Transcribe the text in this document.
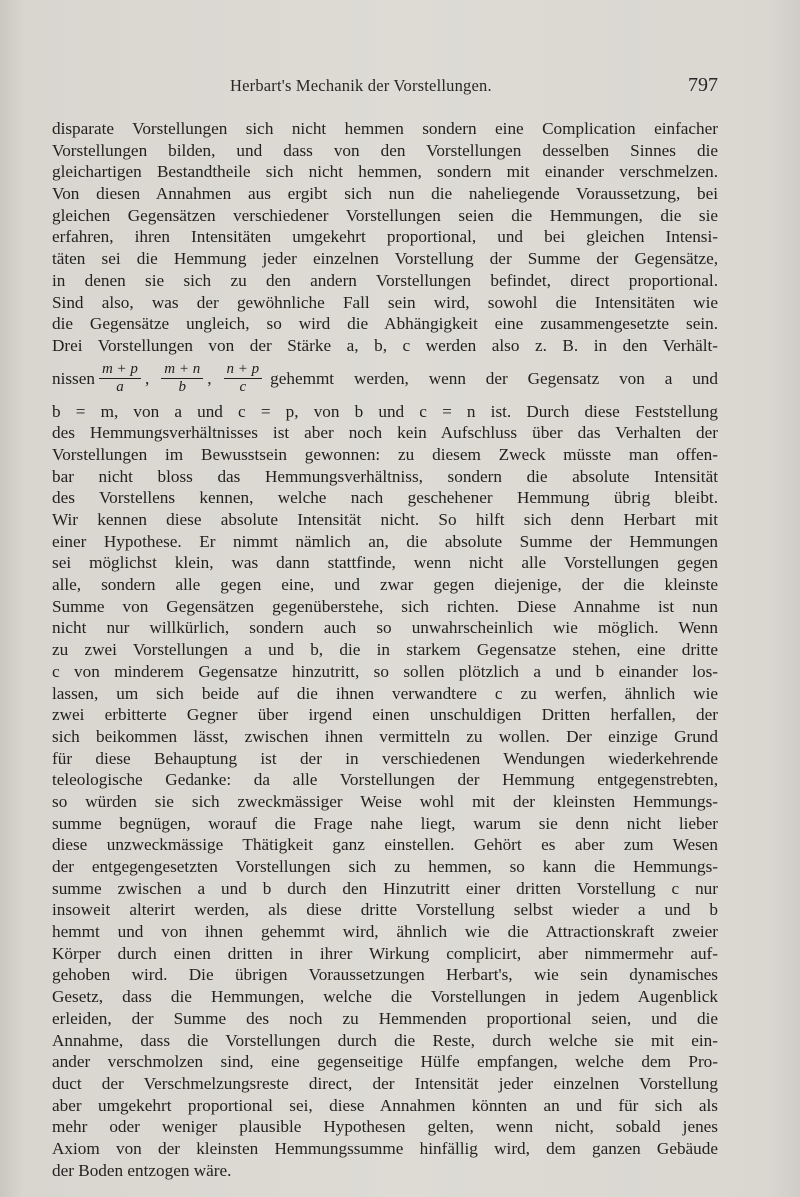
Herbart's Mechanik der Vorstellungen.	797
disparate Vorstellungen sich nicht hemmen sondern eine Complication einfacher
Vorstellungen bilden, und dass von den Vorstellungen desselben Sinnes die
gleichartigen Bestandtheile sich nicht hemmen, sondern mit einander verschmelzen.
Von diesen Annahmen aus ergibt sich nun die naheliegende Voraussetzung, bei
gleichen Gegensätzen verschiedener Vorstellungen seien die Hemmungen, die sie
erfahren, ihren Intensitäten umgekehrt proportional, und bei gleichen Intensi-
täten sei die Hemmung jeder einzelnen Vorstellung der Summe der Gegensätze,
in denen sie sich zu den andern Vorstellungen befindet, direct proportional.
Sind also, was der gewöhnliche Fall sein wird, sowohl die Intensitäten wie
die Gegensätze ungleich, so wird die Abhängigkeit eine zusammengesetzte sein.
Drei Vorstellungen von der Stärke a, b, c werden also z. B. in den Verhält-
nissen $\frac{m + p}{a}$ , $\frac{m + n}{b}$ , $\frac{n + p}{c}$ gehemmt werden, wenn der Gegensatz von a und
b = m, von a und c = p, von b und c = n ist. Durch diese Feststellung
des Hemmungsverhältnisses ist aber noch kein Aufschluss über das Verhalten der
Vorstellungen im Bewusstsein gewonnen: zu diesem Zweck müsste man offen-
bar nicht bloss das Hemmungsverhältniss, sondern die absolute Intensität
des Vorstellens kennen, welche nach geschehener Hemmung übrig bleibt.
Wir kennen diese absolute Intensität nicht. So hilft sich denn Herbart mit
einer Hypothese. Er nimmt nämlich an, die absolute Summe der Hemmungen
sei möglichst klein, was dann stattfinde, wenn nicht alle Vorstellungen gegen
alle, sondern alle gegen eine, und zwar gegen diejenige, der die kleinste
Summe von Gegensätzen gegenüberstehe, sich richten. Diese Annahme ist nun
nicht nur willkürlich, sondern auch so unwahrscheinlich wie möglich. Wenn
zu zwei Vorstellungen a und b, die in starkem Gegensatze stehen, eine dritte
c von minderem Gegensatze hinzutritt, so sollen plötzlich a und b einander los-
lassen, um sich beide auf die ihnen verwandtere c zu werfen, ähnlich wie
zwei erbitterte Gegner über irgend einen unschuldigen Dritten herfallen, der
sich beikommen lässt, zwischen ihnen vermitteln zu wollen. Der einzige Grund
für diese Behauptung ist der in verschiedenen Wendungen wiederkehrende
teleologische Gedanke: da alle Vorstellungen der Hemmung entgegenstrebten,
so würden sie sich zweckmässiger Weise wohl mit der kleinsten Hemmungs-
summe begnügen, worauf die Frage nahe liegt, warum sie denn nicht lieber
diese unzweckmässige Thätigkeit ganz einstellen. Gehört es aber zum Wesen
der entgegengesetzten Vorstellungen sich zu hemmen, so kann die Hemmungs-
summe zwischen a und b durch den Hinzutritt einer dritten Vorstellung c nur
insoweit alterirt werden, als diese dritte Vorstellung selbst wieder a und b
hemmt und von ihnen gehemmt wird, ähnlich wie die Attractionskraft zweier
Körper durch einen dritten in ihrer Wirkung complicirt, aber nimmermehr auf-
gehoben wird. Die übrigen Voraussetzungen Herbart's, wie sein dynamisches
Gesetz, dass die Hemmungen, welche die Vorstellungen in jedem Augenblick
erleiden, der Summe des noch zu Hemmenden proportional seien, und die
Annahme, dass die Vorstellungen durch die Reste, durch welche sie mit ein-
ander verschmolzen sind, eine gegenseitige Hülfe empfangen, welche dem Pro-
duct der Verschmelzungsreste direct, der Intensität jeder einzelnen Vorstellung
aber umgekehrt proportional sei, diese Annahmen könnten an und für sich als
mehr oder weniger plausible Hypothesen gelten, wenn nicht, sobald jenes
Axiom von der kleinsten Hemmungssumme hinfällig wird, dem ganzen Gebäude
der Boden entzogen wäre.
